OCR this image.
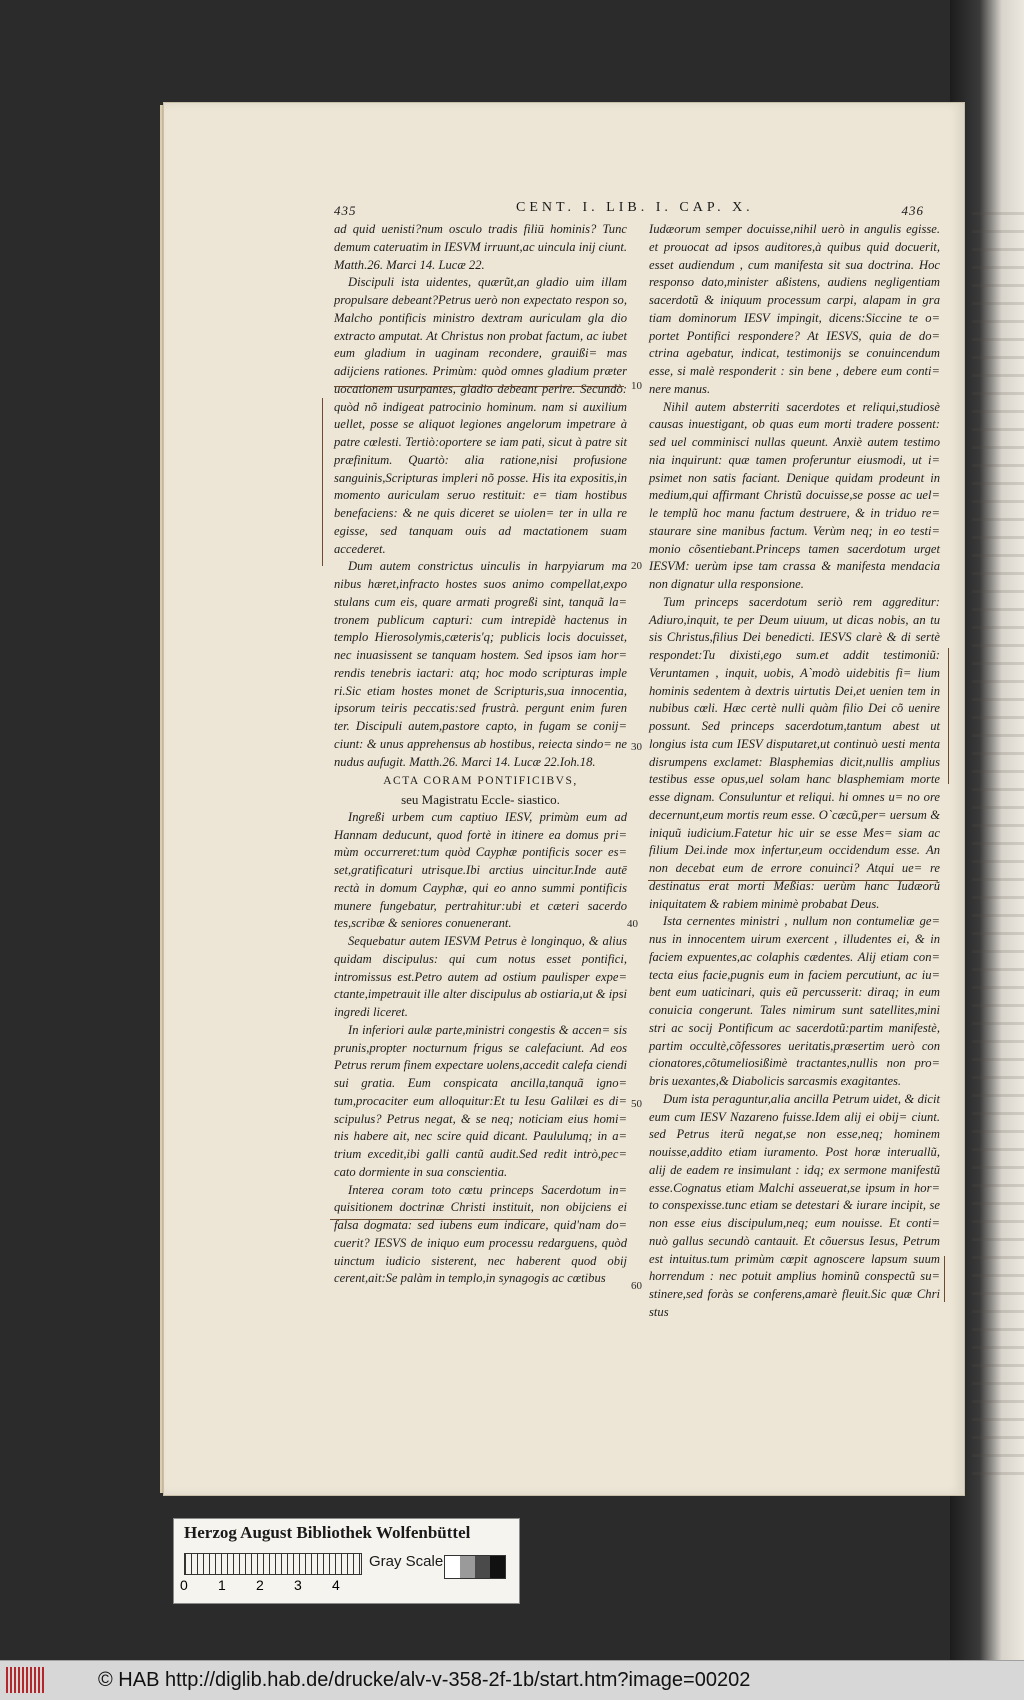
435	CENT. I. LIB. I. CAP. X.	436

ad quid uenisti?num osculo tradis filiū hominis? Tunc demum cateruatim in IESVM irruunt,ac uincula inij ciunt. Matth.26. Marci 14. Lucæ 22.

Discipuli ista uidentes, quærũt,an gladio uim illam propulsare debeant?Petrus uerò non expectato respon so, Malcho pontificis ministro dextram auriculam gla dio extracto amputat. At Christus non probat factum, ac iubet eum gladium in uaginam recondere, grauißi= mas adijciens rationes. Primùm: quòd omnes gladium præter uocationem usurpantes, gladio debeant perire. Secundò: quòd nõ indigeat patrocinio hominum. nam si auxilium uellet, posse se aliquot legiones angelorum impetrare à patre cœlesti. Tertiò:oportere se iam pati, sicut à patre sit præfinitum. Quartò: alia ratione,nisi profusione sanguinis,Scripturas impleri nõ posse. His ita expositis,in momento auriculam seruo restituit: e= tiam hostibus benefaciens: & ne quis diceret se uiolen= ter in ulla re egisse, sed tanquam ouis ad mactationem suam accederet.

Dum autem constrictus uinculis in harpyiarum ma nibus hæret,infracto hostes suos animo compellat,expo stulans cum eis, quare armati progreßi sint, tanquã la= tronem publicum capturi: cum intrepidè hactenus in templo Hierosolymis,cæteris'q; publicis locis docuisset, nec inuasissent se tanquam hostem. Sed ipsos iam hor= rendis tenebris iactari: atq; hoc modo scripturas imple ri.Sic etiam hostes monet de Scripturis,sua innocentia, ipsorum teiris peccatis:sed frustrà. pergunt enim furen ter. Discipuli autem,pastore capto, in fugam se conij= ciunt: & unus apprehensus ab hostibus, reiecta sindo= ne nudus aufugit. Matth.26. Marci 14. Lucæ 22.Ioh.18.

ACTA CORAM PONTIFICIBVS,

seu Magistratu Eccle- siastico.

Ingreßi urbem cum captiuo IESV, primùm eum ad Hannam deducunt, quod fortè in itinere ea domus pri= mùm occurreret:tum quòd Cayphæ pontificis socer es= set,gratificaturi utrisque.Ibi arctius uincitur.Inde autē rectà in domum Cayphæ, qui eo anno summi pontificis munere fungebatur, pertrahitur:ubi et cæteri sacerdo tes,scribæ & seniores conuenerant.

Sequebatur autem IESVM Petrus è longinquo, & alius quidam discipulus: qui cum notus esset pontifici, intromissus est.Petro autem ad ostium paulisper expe= ctante,impetrauit ille alter discipulus ab ostiaria,ut & ipsi ingredi liceret.

In inferiori aulæ parte,ministri congestis & accen= sis prunis,propter nocturnum frigus se calefaciunt. Ad eos Petrus rerum finem expectare uolens,accedit calefa ciendi sui gratia. Eum conspicata ancilla,tanquã igno= tum,procaciter eum alloquitur:Et tu Iesu Galilæi es di= scipulus? Petrus negat, & se neq; noticiam eius homi= nis habere ait, nec scire quid dicant. Paululumq; in a= trium excedit,ibi galli cantũ audit.Sed redit intrò,pec= cato dormiente in sua conscientia.

Interea coram toto cœtu princeps Sacerdotum in= quisitionem doctrinæ Christi instituit, non obijciens ei falsa dogmata: sed iubens eum indicare, quid'nam do= cuerit? IESVS de iniquo eum processu redarguens, quòd uinctum iudicio sisterent, nec haberent quod obij cerent,ait:Se palàm in templo,in synagogis ac cœtibus

Iudæorum semper docuisse,nihil uerò in angulis egisse. et prouocat ad ipsos auditores,à quibus quid docuerit, esset audiendum , cum manifesta sit sua doctrina. Hoc responso dato,minister aßistens, audiens negligentiam sacerdotũ & iniquum processum carpi, alapam in gra tiam dominorum IESV impingit, dicens:Siccine te o= portet Pontifici respondere? At IESVS, quia de do= ctrina agebatur, indicat, testimonijs se conuincendum esse, si malè responderit : sin bene , debere eum conti= nere manus.

Nihil autem absterriti sacerdotes et reliqui,studiosè causas inuestigant, ob quas eum morti tradere possent: sed uel comminisci nullas queunt. Anxiè autem testimo nia inquirunt: quæ tamen proferuntur eiusmodi, ut i= psimet non satis faciant. Denique quidam prodeunt in medium,qui affirmant Christũ docuisse,se posse ac uel= le templũ hoc manu factum destruere, & in triduo re= staurare sine manibus factum. Verùm neq; in eo testi= monio cõsentiebant.Princeps tamen sacerdotum urget IESVM: uerùm ipse tam crassa & manifesta mendacia non dignatur ulla responsione.

Tum princeps sacerdotum seriò rem aggreditur: Adiuro,inquit, te per Deum uiuum, ut dicas nobis, an tu sis Christus,filius Dei benedicti. IESVS clarè & di sertè respondet:Tu dixisti,ego sum.et addit testimoniũ: Veruntamen , inquit, uobis, A`modò uidebitis fi= lium hominis sedentem à dextris uirtutis Dei,et uenien tem in nubibus cœli. Hæc certè nulli quàm filio Dei cõ uenire possunt. Sed princeps sacerdotum,tantum abest ut longius ista cum IESV disputaret,ut continuò uesti menta disrumpens exclamet: Blasphemias dicit,nullis amplius testibus esse opus,uel solam hanc blasphemiam morte esse dignam. Consuluntur et reliqui. hi omnes u= no ore decernunt,eum mortis reum esse. O`cæcũ,per= uersum & iniquũ iudicium.Fatetur hic uir se esse Mes= siam ac filium Dei.inde mox infertur,eum occidendum esse. An non decebat eum de errore conuinci? Atqui ue= re destinatus erat morti Meßias: uerùm hanc Iudæorũ iniquitatem & rabiem minimè probabat Deus.

Ista cernentes ministri , nullum non contumeliæ ge= nus in innocentem uirum exercent , illudentes ei, & in faciem expuentes,ac colaphis cædentes. Alij etiam con= tecta eius facie,pugnis eum in faciem percutiunt, ac iu= bent eum uaticinari, quis eũ percusserit: diraq; in eum conuicia congerunt. Tales nimirum sunt satellites,mini stri ac socij Pontificum ac sacerdotũ:partim manifestè, partim occultè,cõfessores ueritatis,præsertim uerò con cionatores,cõtumeliosißimè tractantes,nullis non pro= bris uexantes,& Diabolicis sarcasmis exagitantes.

Dum ista peraguntur,alia ancilla Petrum uidet, & dicit eum cum IESV Nazareno fuisse.Idem alij ei obij= ciunt. sed Petrus iterũ negat,se non esse,neq; hominem nouisse,addito etiam iuramento. Post horæ interuallũ, alij de eadem re insimulant : idq; ex sermone manifestũ esse.Cognatus etiam Malchi asseuerat,se ipsum in hor= to conspexisse.tunc etiam se detestari & iurare incipit, se non esse eius discipulum,neq; eum nouisse. Et conti= nuò gallus secundò cantauit. Et cõuersus Iesus, Petrum est intuitus.tum primùm cœpit agnoscere lapsum suum horrendum : nec potuit amplius hominũ conspectũ su= stinere,sed foràs se conferens,amarè fleuit.Sic quæ Chri stus

10
20
30
40
50
60
Herzog August Bibliothek Wolfenbüttel
0 1 2 3 4
Gray Scale
© HAB http://diglib.hab.de/drucke/alv-v-358-2f-1b/start.htm?image=00202
